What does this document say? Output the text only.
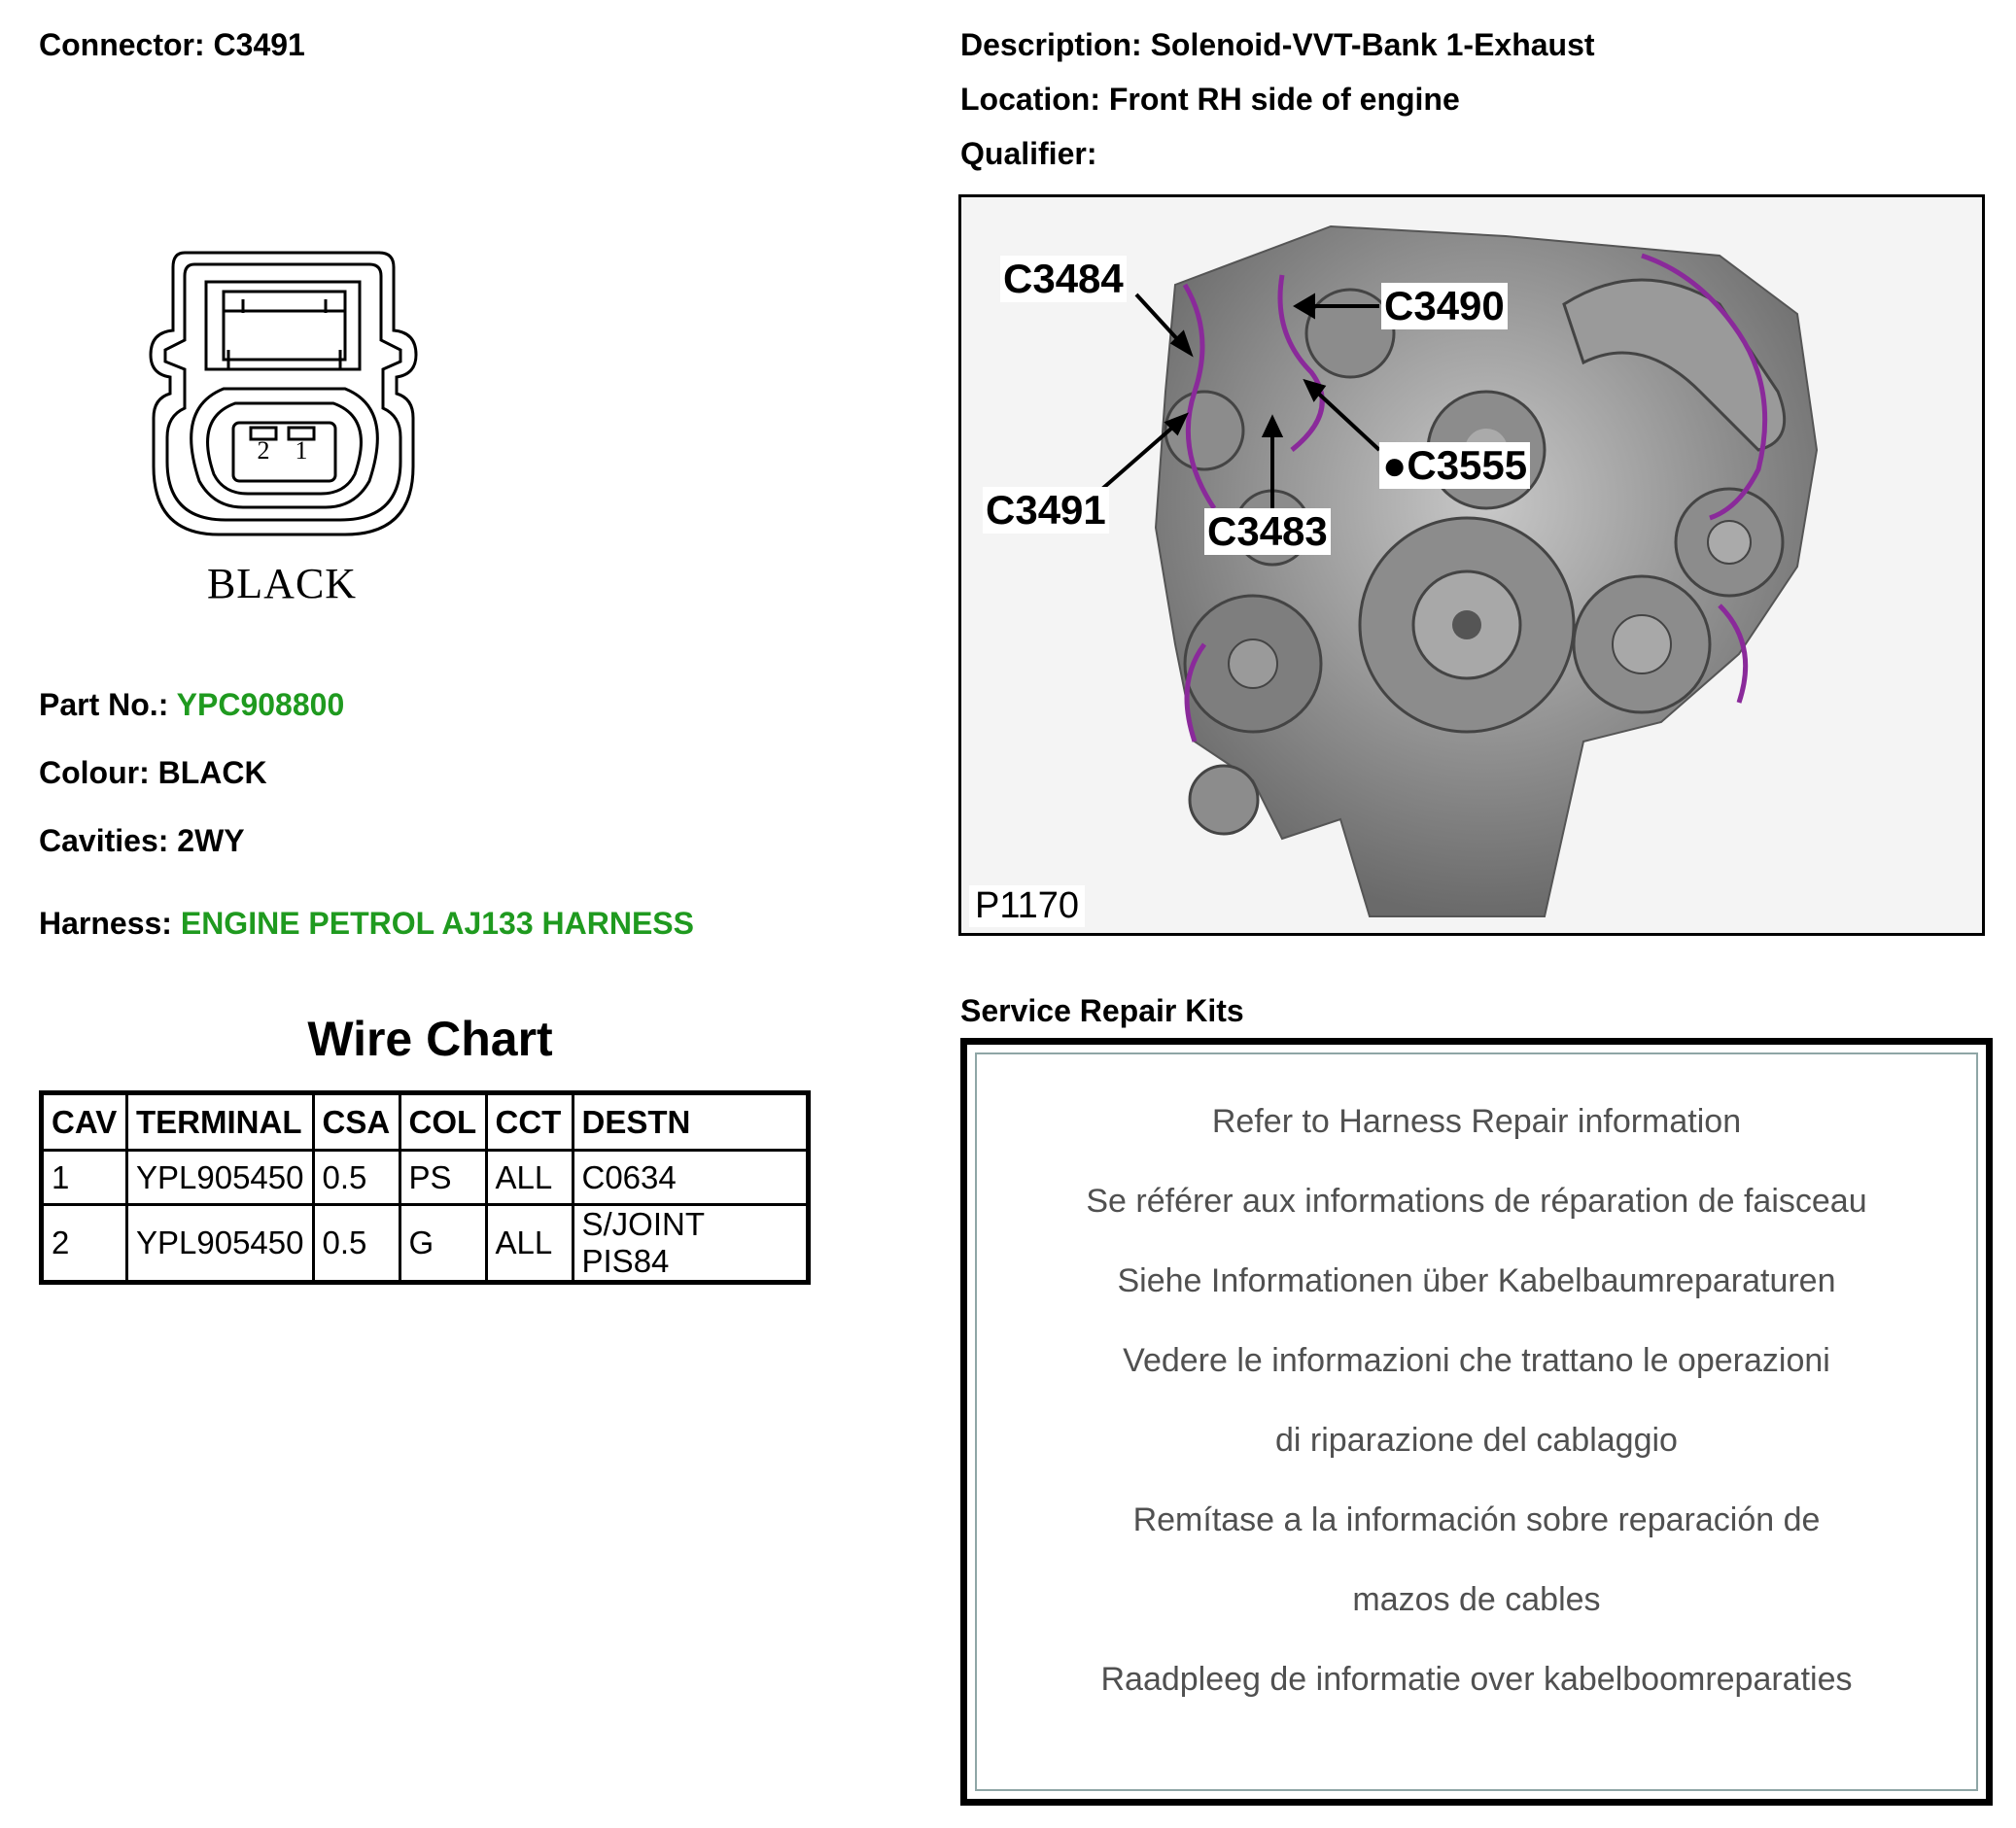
Connector: C3491	Description: Solenoid-VVT-Bank 1-Exhaust
Location: Front RH side of engine
Qualifier:
2 1
BLACK
Part No.: YPC908800
Colour: BLACK
Cavities: 2WY
Harness: ENGINE PETROL AJ133 HARNESS
Wire Chart
CAV	TERMINAL	CSA	COL	CCT	DESTN
1	YPL905450	0.5	PS	ALL	C0634
2	YPL905450	0.5	G	ALL	S/JOINT PIS84
C3484
C3490
●C3555
C3491 C3483
P1170
Service Repair Kits
Refer to Harness Repair information
Se référer aux informations de réparation de faisceau
Siehe Informationen über Kabelbaumreparaturen
Vedere le informazioni che trattano le operazioni
di riparazione del cablaggio
Remítase a la información sobre reparación de
mazos de cables
Raadpleeg de informatie over kabelboomreparaties
